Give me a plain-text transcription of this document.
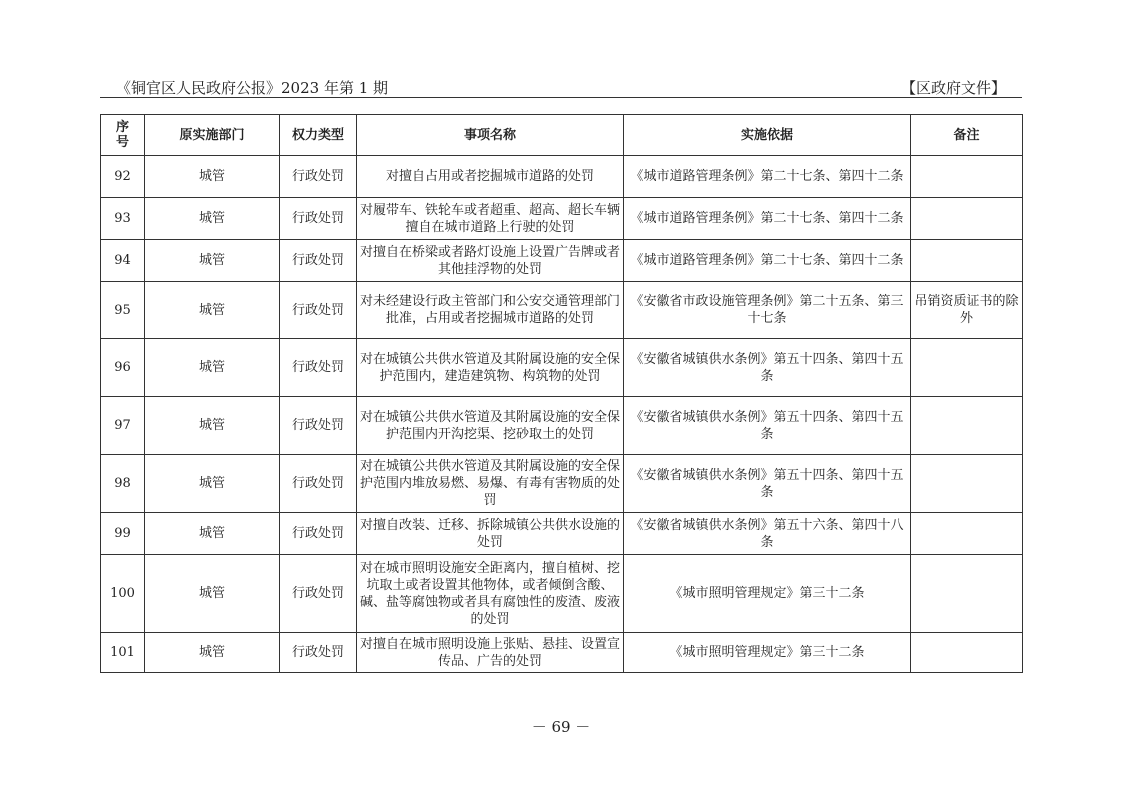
《铜官区人民政府公报》2023 年第 1 期	【区政府文件】
序号	原实施部门	权力类型	事项名称	实施依据	备注
92	城管	行政处罚	对擅自占用或者挖掘城市道路的处罚	《城市道路管理条例》第二十七条、第四十二条	
93	城管	行政处罚	对履带车、铁轮车或者超重、超高、超长车辆擅自在城市道路上行驶的处罚	《城市道路管理条例》第二十七条、第四十二条	
94	城管	行政处罚	对擅自在桥梁或者路灯设施上设置广告牌或者其他挂浮物的处罚	《城市道路管理条例》第二十七条、第四十二条	
95	城管	行政处罚	对未经建设行政主管部门和公安交通管理部门批准，占用或者挖掘城市道路的处罚	《安徽省市政设施管理条例》第二十五条、第三十七条	吊销资质证书的除外
96	城管	行政处罚	对在城镇公共供水管道及其附属设施的安全保护范围内，建造建筑物、构筑物的处罚	《安徽省城镇供水条例》第五十四条、第四十五条	
97	城管	行政处罚	对在城镇公共供水管道及其附属设施的安全保护范围内开沟挖渠、挖砂取土的处罚	《安徽省城镇供水条例》第五十四条、第四十五条	
98	城管	行政处罚	对在城镇公共供水管道及其附属设施的安全保护范围内堆放易燃、易爆、有毒有害物质的处罚	《安徽省城镇供水条例》第五十四条、第四十五条	
99	城管	行政处罚	对擅自改装、迁移、拆除城镇公共供水设施的处罚	《安徽省城镇供水条例》第五十六条、第四十八条	
100	城管	行政处罚	对在城市照明设施安全距离内，擅自植树、挖坑取土或者设置其他物体，或者倾倒含酸、碱、盐等腐蚀物或者具有腐蚀性的废渣、废液的处罚	《城市照明管理规定》第三十二条	
101	城管	行政处罚	对擅自在城市照明设施上张贴、悬挂、设置宣传品、广告的处罚	《城市照明管理规定》第三十二条	
－ 69 －
